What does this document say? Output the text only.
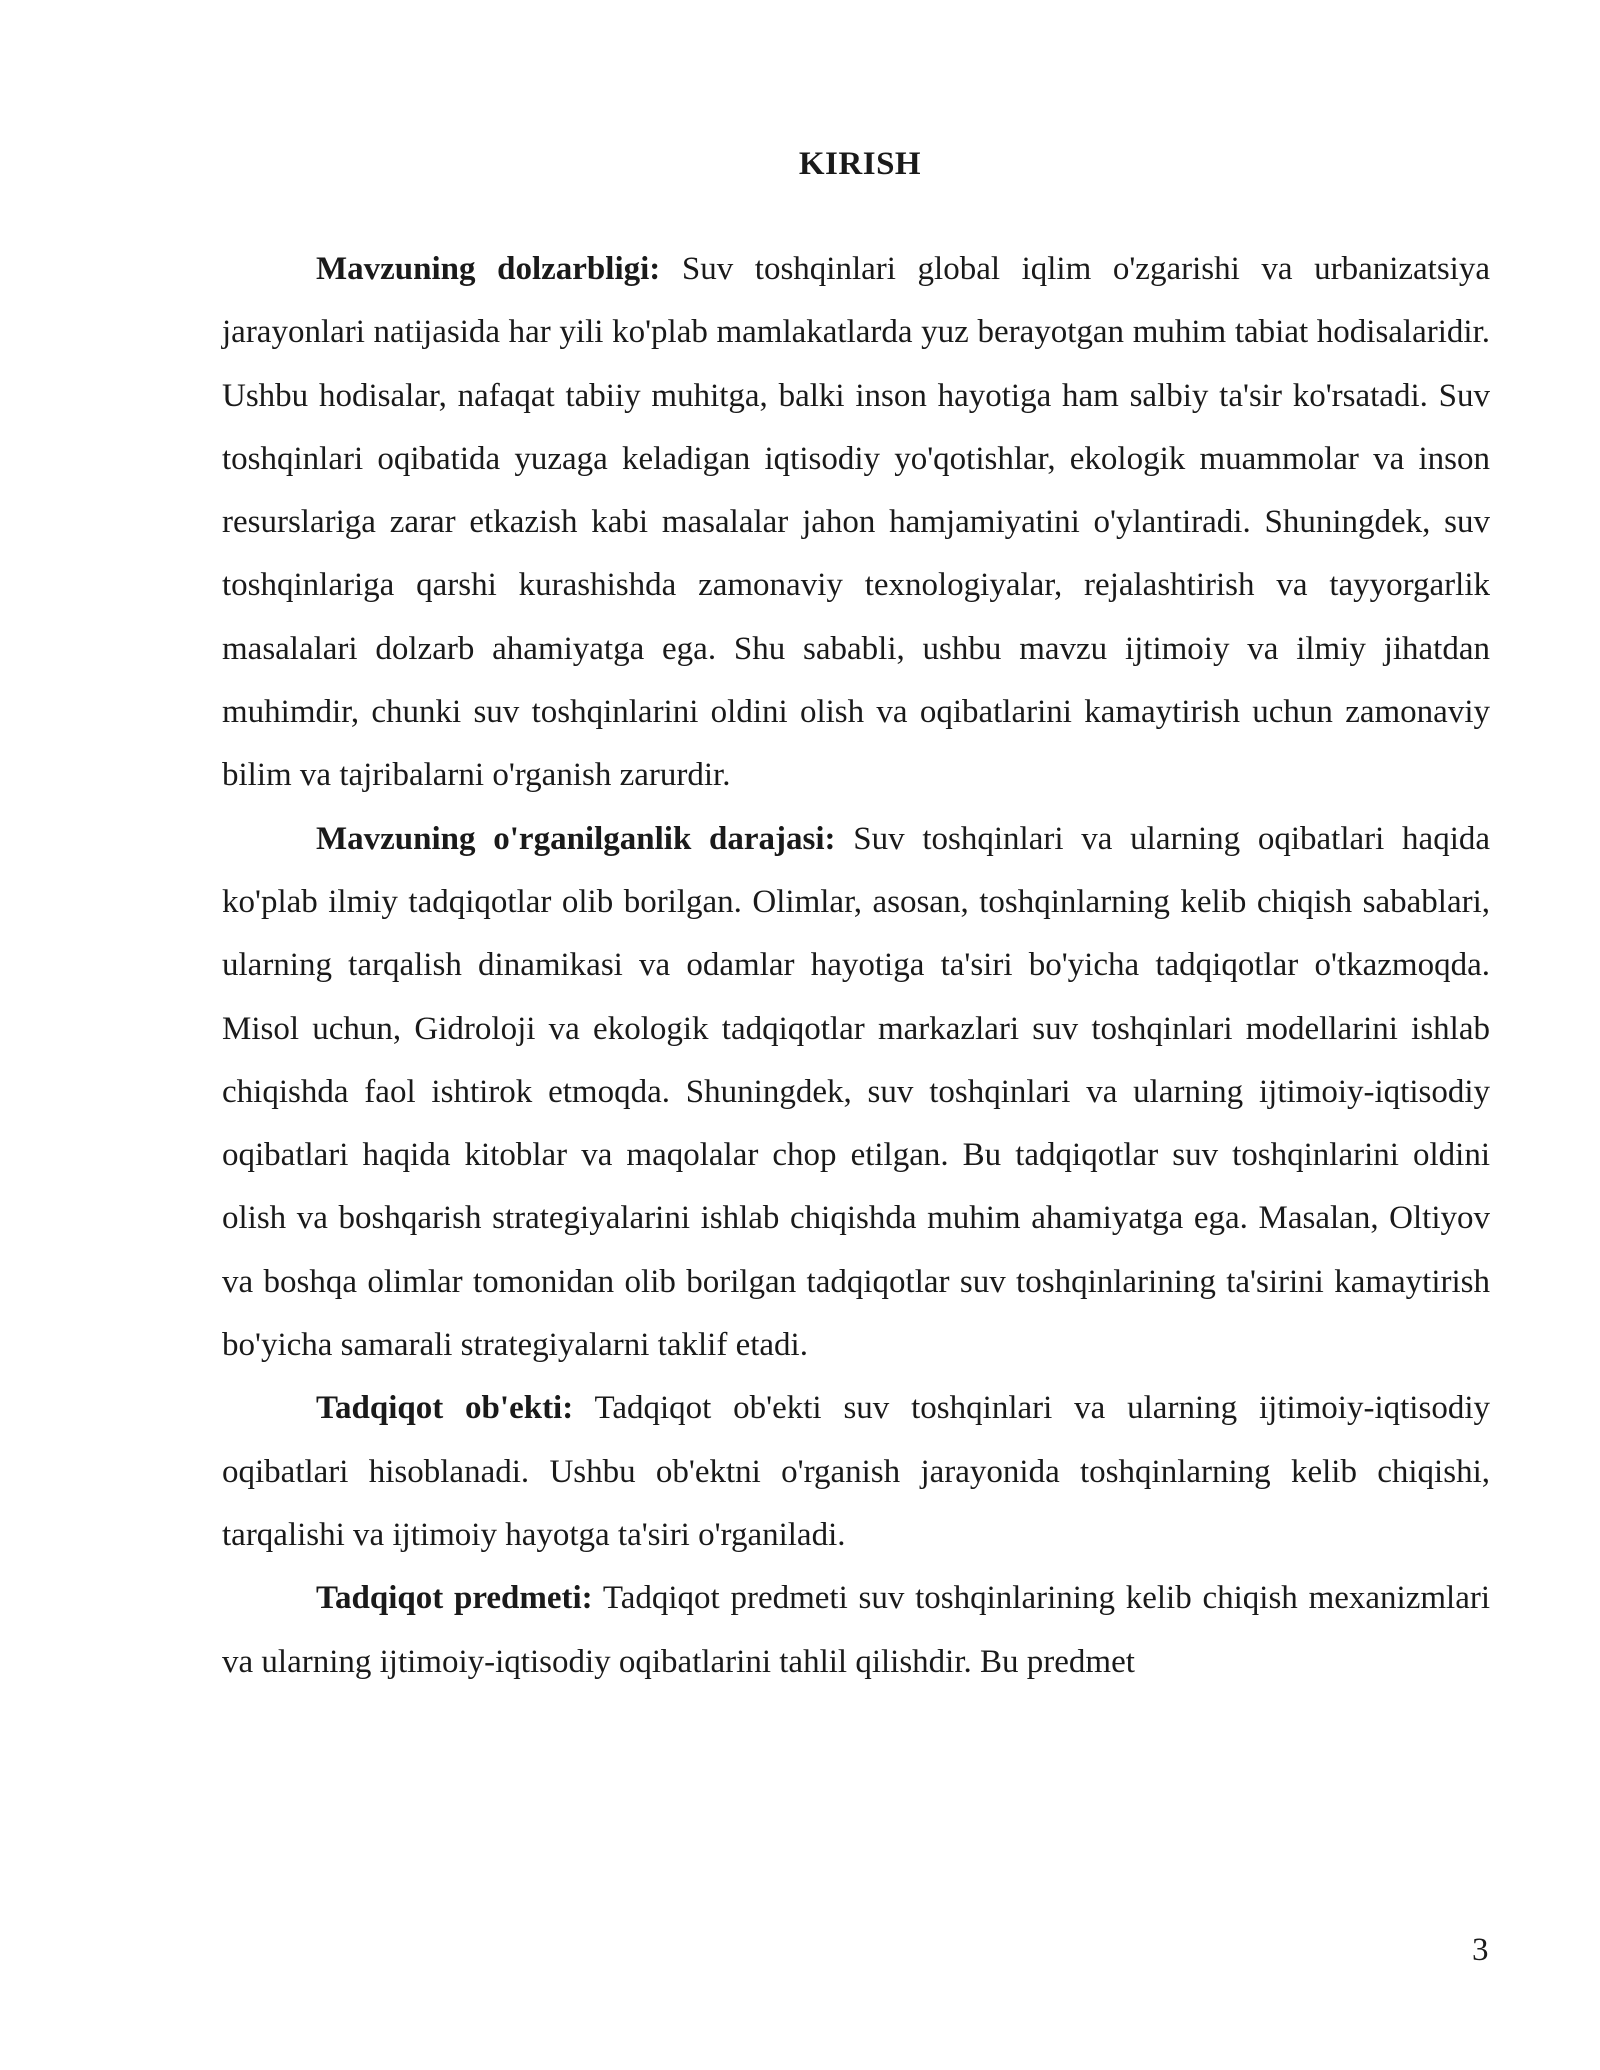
KIRISH

Mavzuning dolzarbligi: Suv toshqinlari global iqlim o'zgarishi va urbanizatsiya jarayonlari natijasida har yili ko'plab mamlakatlarda yuz berayotgan muhim tabiat hodisalaridir. Ushbu hodisalar, nafaqat tabiiy muhitga, balki inson hayotiga ham salbiy ta'sir ko'rsatadi. Suv toshqinlari oqibatida yuzaga keladigan iqtisodiy yo'qotishlar, ekologik muammolar va inson resurslariga zarar etkazish kabi masalalar jahon hamjamiyatini o'ylantiradi. Shuningdek, suv toshqinlariga qarshi kurashishda zamonaviy texnologiyalar, rejalashtirish va tayyorgarlik masalalari dolzarb ahamiyatga ega. Shu sababli, ushbu mavzu ijtimoiy va ilmiy jihatdan muhimdir, chunki suv toshqinlarini oldini olish va oqibatlarini kamaytirish uchun zamonaviy bilim va tajribalarni o'rganish zarurdir.

Mavzuning o'rganilganlik darajasi: Suv toshqinlari va ularning oqibatlari haqida ko'plab ilmiy tadqiqotlar olib borilgan. Olimlar, asosan, toshqinlarning kelib chiqish sabablari, ularning tarqalish dinamikasi va odamlar hayotiga ta'siri bo'yicha tadqiqotlar o'tkazmoqda. Misol uchun, Gidroloji va ekologik tadqiqotlar markazlari suv toshqinlari modellarini ishlab chiqishda faol ishtirok etmoqda. Shuningdek, suv toshqinlari va ularning ijtimoiy-iqtisodiy oqibatlari haqida kitoblar va maqolalar chop etilgan. Bu tadqiqotlar suv toshqinlarini oldini olish va boshqarish strategiyalarini ishlab chiqishda muhim ahamiyatga ega. Masalan, Oltiyov va boshqa olimlar tomonidan olib borilgan tadqiqotlar suv toshqinlarining ta'sirini kamaytirish bo'yicha samarali strategiyalarni taklif etadi.

Tadqiqot ob'ekti: Tadqiqot ob'ekti suv toshqinlari va ularning ijtimoiy-iqtisodiy oqibatlari hisoblanadi. Ushbu ob'ektni o'rganish jarayonida toshqinlarning kelib chiqishi, tarqalishi va ijtimoiy hayotga ta'siri o'rganiladi.

Tadqiqot predmeti: Tadqiqot predmeti suv toshqinlarining kelib chiqish mexanizmlari va ularning ijtimoiy-iqtisodiy oqibatlarini tahlil qilishdir. Bu predmet

3
